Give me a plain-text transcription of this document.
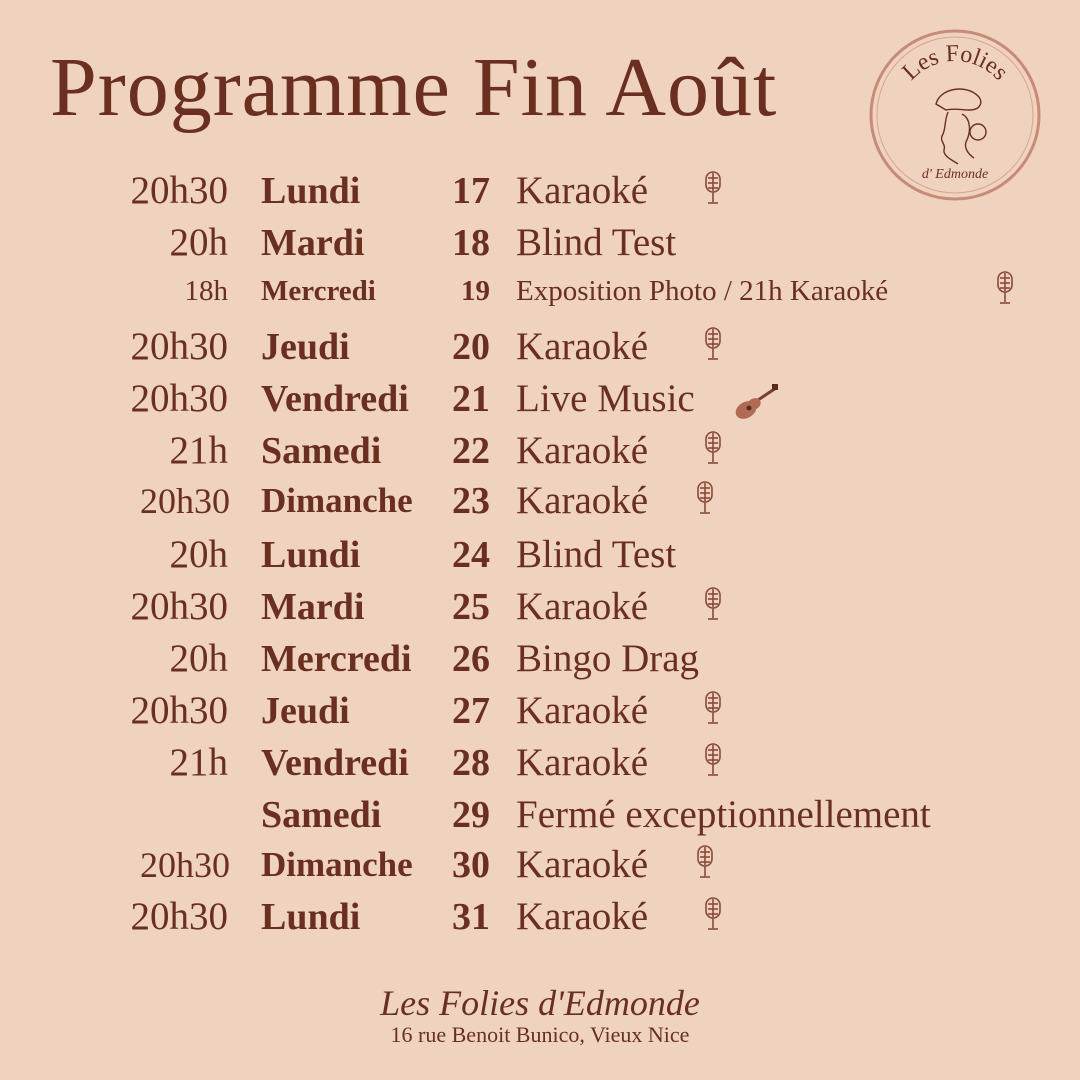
Programme Fin Août	Les Folies
d' Edmonde
20h30 Lundi 17 Karaoké
20h Mardi 18 Blind Test
18h Mercredi	19 Exposition Photo / 21h Karaoké
20h30 Jeudi	20 Karaoké
20h30 Vendredi 21 Live Music
21h Samedi 22 Karaoké
20h30 Dimanche 23 Karaoké
20h Lundi 24 Blind Test
20h30 Mardi 25 Karaoké
20h Mercredi 26 Bingo Drag
20h30 Jeudi	27 Karaoké
21h Vendredi 28 Karaoké
Samedi 29 Fermé exceptionnellement
20h30 Dimanche 30 Karaoké
20h30 Lundi 31 Karaoké
Les Folies d'Edmonde
16 rue Benoit Bunico, Vieux Nice
